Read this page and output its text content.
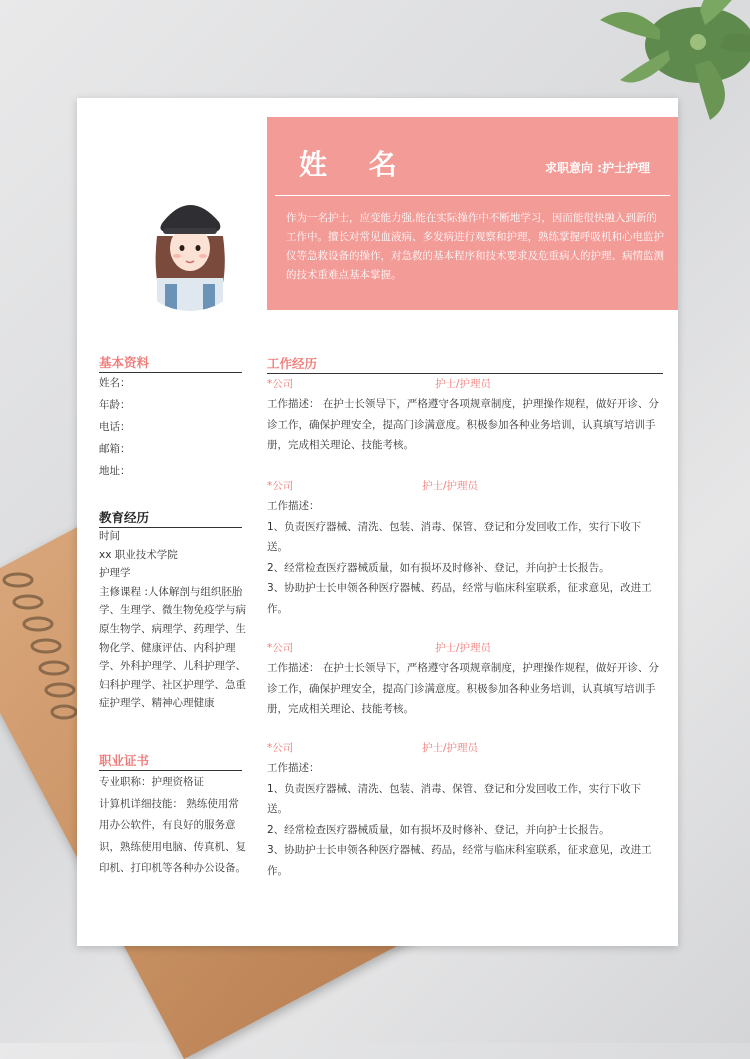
姓 名	求职意向 :护士护理
作为一名护士，应变能力强,能在实际操作中不断地学习，因而能很快融入到新的工作中。擅长对常见血液病、多发病进行观察和护理，熟练掌握呼吸机和心电监护仪等急救设备的操作，对急救的基本程序和技术要求及危重病人的护理、病情监测的技术重难点基本掌握。
基本资料
姓名：
年龄：
电话：
邮箱：
地址：
教育经历
时间
xx 职业技术学院
护理学
主修课程 :人体解剖与组织胚胎学、生理学、微生物免疫学与病原生物学、病理学、药理学、生物化学、健康评估、内科护理学、外科护理学、儿科护理学、妇科护理学、社区护理学、急重症护理学、精神心理健康
职业证书
专业职称：护理资格证
计算机详细技能： 熟练使用常用办公软件，有良好的服务意识，熟练使用电脑、传真机、复印机、打印机等各种办公设备。
工作经历
*公司	护士/护理员
工作描述： 在护士长领导下，严格遵守各项规章制度，护理操作规程，做好开诊、分诊工作，确保护理安全，提高门诊满意度。积极参加各种业务培训，认真填写培训手册，完成相关理论、技能考核。
*公司	护士/护理员
工作描述：
1、负责医疗器械、清洗、包装、消毒、保管、登记和分发回收工作，实行下收下送。
2、经常检查医疗器械质量，如有损坏及时修补、登记，并向护士长报告。
3、协助护士长申领各种医疗器械、药品，经常与临床科室联系，征求意见，改进工作。
*公司	护士/护理员
工作描述： 在护士长领导下，严格遵守各项规章制度，护理操作规程，做好开诊、分诊工作，确保护理安全，提高门诊满意度。积极参加各种业务培训，认真填写培训手册，完成相关理论、技能考核。
*公司	护士/护理员
工作描述：
1、负责医疗器械、清洗、包装、消毒、保管、登记和分发回收工作，实行下收下送。
2、经常检查医疗器械质量，如有损坏及时修补、登记，并向护士长报告。
3、协助护士长申领各种医疗器械、药品，经常与临床科室联系，征求意见，改进工作。
